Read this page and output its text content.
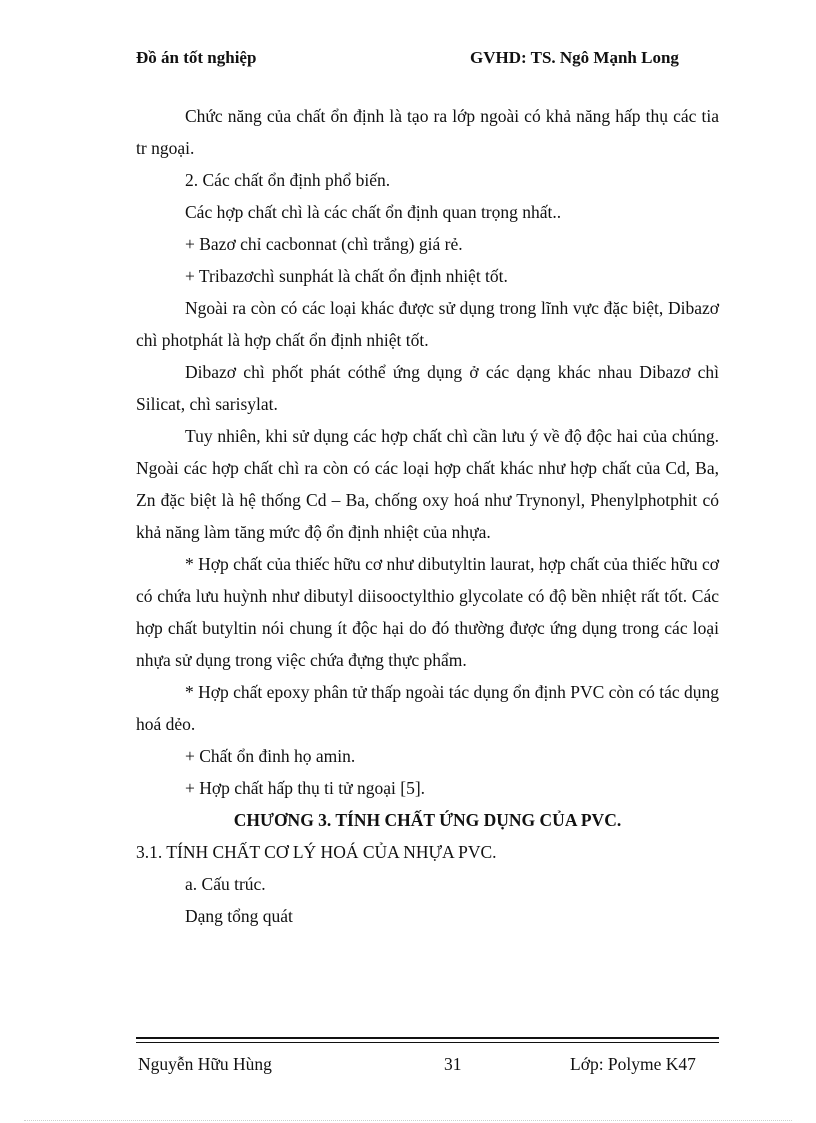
Đồ án tốt nghiệp	GVHD: TS. Ngô Mạnh Long

Chức năng của chất ổn định là tạo ra lớp ngoài có khả năng hấp thụ các tia tr ngoại.

2. Các chất ổn định phổ biến.

Các hợp chất chì là các chất ổn định quan trọng nhất..

+ Bazơ chỉ cacbonnat (chì trắng) giá rẻ.

+ Tribazơchì sunphát là chất ổn định nhiệt tốt.

Ngoài ra còn có các loại khác được sử dụng trong lĩnh vực đặc biệt, Dibazơ chì photphát là hợp chất ổn định nhiệt tốt.

Dibazơ chì phốt phát cóthể ứng dụng ở các dạng khác nhau Dibazơ chì Silicat, chì sarisylat.

Tuy nhiên, khi sử dụng các hợp chất chì cần lưu ý về độ độc hai của chúng. Ngoài các hợp chất chì ra còn có các loại hợp chất khác như hợp chất của Cd, Ba, Zn đặc biệt là hệ thống Cd – Ba, chống oxy hoá như Trynonyl, Phenylphotphit có khả năng làm tăng mức độ ổn định nhiệt của nhựa.

* Hợp chất của thiếc hữu cơ như dibutyltin laurat, hợp chất của thiếc hữu cơ có chứa lưu huỳnh như dibutyl diisooctylthio glycolate có độ bền nhiệt rất tốt. Các hợp chất butyltin nói chung ít độc hại do đó thường được ứng dụng trong các loại nhựa sử dụng trong việc chứa đựng thực phẩm.

* Hợp chất epoxy phân tử thấp ngoài tác dụng ổn định PVC còn có tác dụng hoá dẻo.

+ Chất ổn đinh họ amin.

+ Hợp chất hấp thụ ti tử ngoại [5].

CHƯƠNG 3. TÍNH CHẤT ỨNG DỤNG CỦA PVC.

3.1. TÍNH CHẤT CƠ LÝ HOÁ CỦA NHỰA PVC.

a. Cấu trúc.

Dạng tổng quát

Nguyễn Hữu Hùng	31	Lớp: Polyme K47
